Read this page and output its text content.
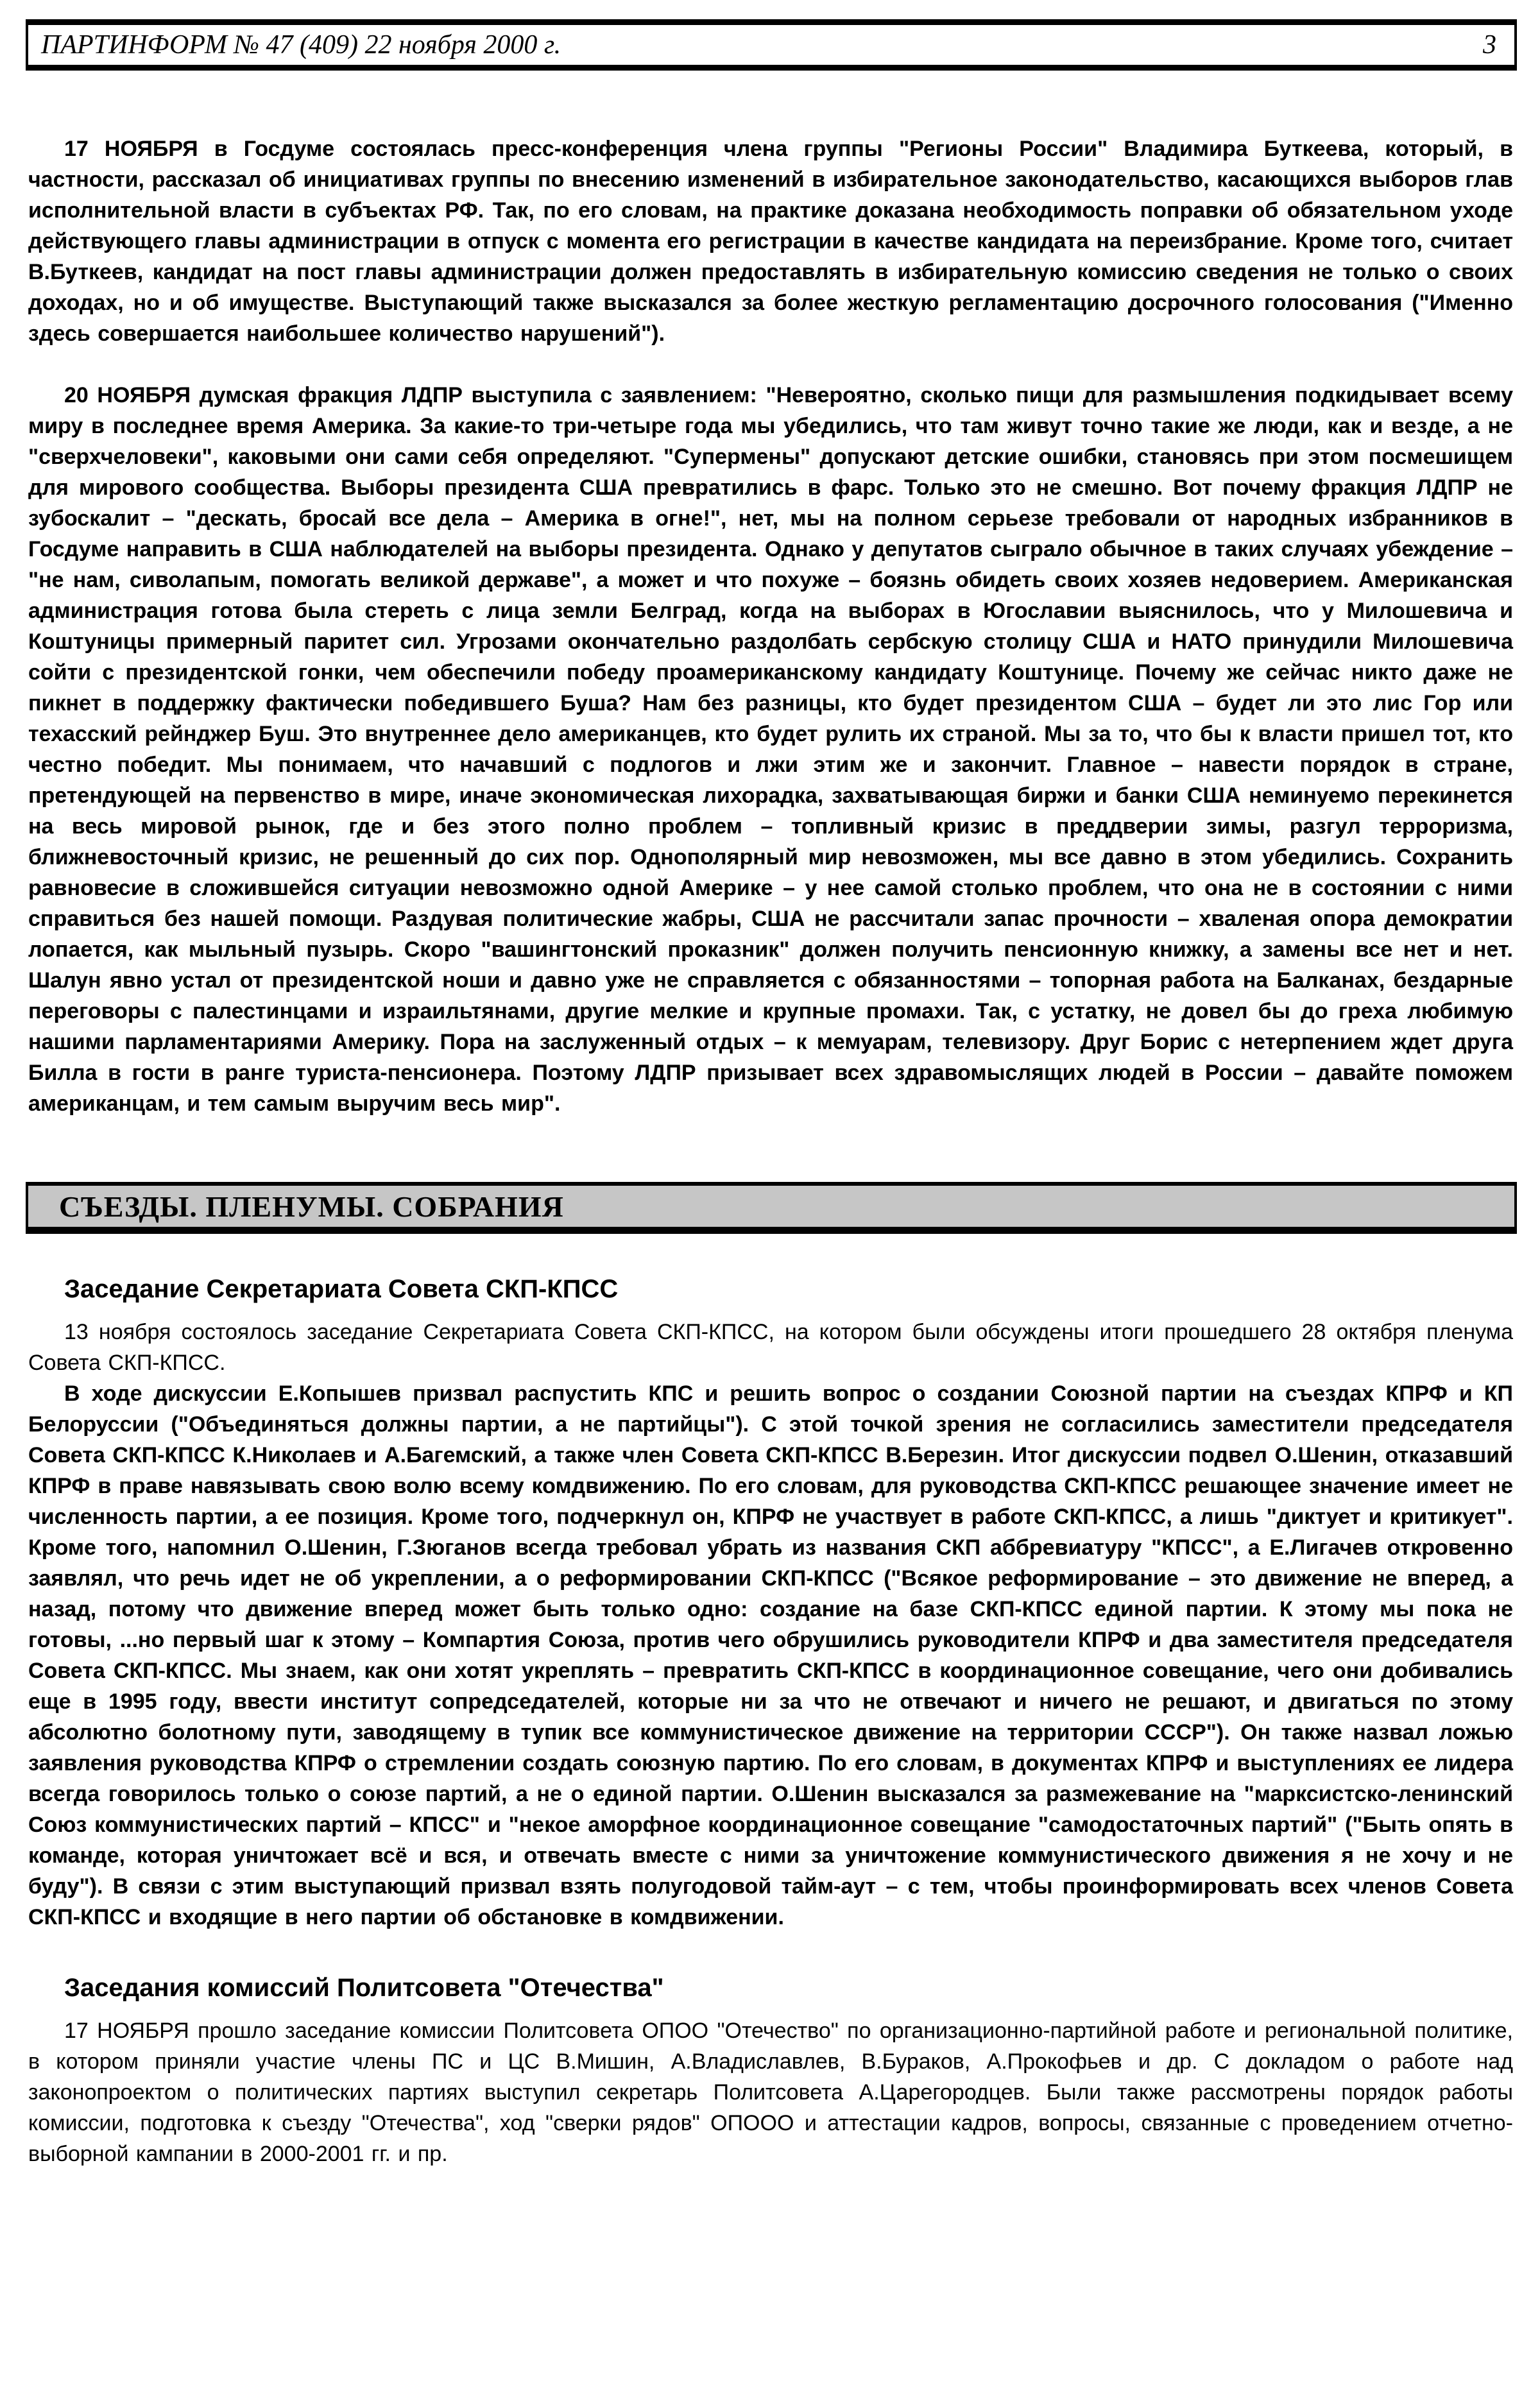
ПАРТИНФОРМ № 47 (409) 22 ноября 2000 г.	3

17 НОЯБРЯ в Госдуме состоялась пресс-конференция члена группы "Регионы России" Владимира Буткеева, который, в частности, рассказал об инициативах группы по внесению изменений в избирательное законодательство, касающихся выборов глав исполнительной власти в субъектах РФ. Так, по его словам, на практике доказана необходимость поправки об обязательном уходе действующего главы администрации в отпуск с момента его регистрации в качестве кандидата на переизбрание. Кроме того, считает В.Буткеев, кандидат на пост главы администрации должен предоставлять в избирательную комиссию сведения не только о своих доходах, но и об имуществе. Выступающий также высказался за более жесткую регламентацию досрочного голосования ("Именно здесь совершается наибольшее количество нарушений").

20 НОЯБРЯ думская фракция ЛДПР выступила с заявлением: "Невероятно, сколько пищи для размышления подкидывает всему миру в последнее время Америка. За какие-то три-четыре года мы убедились, что там живут точно такие же люди, как и везде, а не "сверхчеловеки", каковыми они сами себя определяют. "Супермены" допускают детские ошибки, становясь при этом посмешищем для мирового сообщества. Выборы президента США превратились в фарс. Только это не смешно. Вот почему фракция ЛДПР не зубоскалит – "дескать, бросай все дела – Америка в огне!", нет, мы на полном серьезе требовали от народных избранников в Госдуме направить в США наблюдателей на выборы президента. Однако у депутатов сыграло обычное в таких случаях убеждение – "не нам, сиволапым, помогать великой державе", а может и что похуже – боязнь обидеть своих хозяев недоверием. Американская администрация готова была стереть с лица земли Белград, когда на выборах в Югославии выяснилось, что у Милошевича и Коштуницы примерный паритет сил. Угрозами окончательно раздолбать сербскую столицу США и НАТО принудили Милошевича сойти с президентской гонки, чем обеспечили победу проамериканскому кандидату Коштунице. Почему же сейчас никто даже не пикнет в поддержку фактически победившего Буша? Нам без разницы, кто будет президентом США – будет ли это лис Гор или техасский рейнджер Буш. Это внутреннее дело американцев, кто будет рулить их страной. Мы за то, что бы к власти пришел тот, кто честно победит. Мы понимаем, что начавший с подлогов и лжи этим же и закончит. Главное – навести порядок в стране, претендующей на первенство в мире, иначе экономическая лихорадка, захватывающая биржи и банки США неминуемо перекинется на весь мировой рынок, где и без этого полно проблем – топливный кризис в преддверии зимы, разгул терроризма, ближневосточный кризис, не решенный до сих пор. Однополярный мир невозможен, мы все давно в этом убедились. Сохранить равновесие в сложившейся ситуации невозможно одной Америке – у нее самой столько проблем, что она не в состоянии с ними справиться без нашей помощи. Раздувая политические жабры, США не рассчитали запас прочности – хваленая опора демократии лопается, как мыльный пузырь. Скоро "вашингтонский проказник" должен получить пенсионную книжку, а замены все нет и нет. Шалун явно устал от президентской ноши и давно уже не справляется с обязанностями – топорная работа на Балканах, бездарные переговоры с палестинцами и израильтянами, другие мелкие и крупные промахи. Так, с устатку, не довел бы до греха любимую нашими парламентариями Америку. Пора на заслуженный отдых – к мемуарам, телевизору. Друг Борис с нетерпением ждет друга Билла в гости в ранге туриста-пенсионера. Поэтому ЛДПР призывает всех здравомыслящих людей в России – давайте поможем американцам, и тем самым выручим весь мир".

СЪЕЗДЫ. ПЛЕНУМЫ. СОБРАНИЯ
Заседание Секретариата Совета СКП-КПСС

13 ноября состоялось заседание Секретариата Совета СКП-КПСС, на котором были обсуждены итоги прошедшего 28 октября пленума Совета СКП-КПСС.

В ходе дискуссии Е.Копышев призвал распустить КПС и решить вопрос о создании Союзной партии на съездах КПРФ и КП Белоруссии ("Объединяться должны партии, а не партийцы"). С этой точкой зрения не согласились заместители председателя Совета СКП-КПСС К.Николаев и А.Багемский, а также член Совета СКП-КПСС В.Березин. Итог дискуссии подвел О.Шенин, отказавший КПРФ в праве навязывать свою волю всему комдвижению. По его словам, для руководства СКП-КПСС решающее значение имеет не численность партии, а ее позиция. Кроме того, подчеркнул он, КПРФ не участвует в работе СКП-КПСС, а лишь "диктует и критикует". Кроме того, напомнил О.Шенин, Г.Зюганов всегда требовал убрать из названия СКП аббревиатуру "КПСС", а Е.Лигачев откровенно заявлял, что речь идет не об укреплении, а о реформировании СКП-КПСС ("Всякое реформирование – это движение не вперед, а назад, потому что движение вперед может быть только одно: создание на базе СКП-КПСС единой партии. К этому мы пока не готовы, ...но первый шаг к этому – Компартия Союза, против чего обрушились руководители КПРФ и два заместителя председателя Совета СКП-КПСС. Мы знаем, как они хотят укреплять – превратить СКП-КПСС в координационное совещание, чего они добивались еще в 1995 году, ввести институт сопредседателей, которые ни за что не отвечают и ничего не решают, и двигаться по этому абсолютно болотному пути, заводящему в тупик все коммунистическое движение на территории СССР"). Он также назвал ложью заявления руководства КПРФ о стремлении создать союзную партию. По его словам, в документах КПРФ и выступлениях ее лидера всегда говорилось только о союзе партий, а не о единой партии. О.Шенин высказался за размежевание на "марксистско-ленинский Союз коммунистических партий – КПСС" и "некое аморфное координационное совещание "самодостаточных партий" ("Быть опять в команде, которая уничтожает всё и вся, и отвечать вместе с ними за уничтожение коммунистического движения я не хочу и не буду"). В связи с этим выступающий призвал взять полугодовой тайм-аут – с тем, чтобы проинформировать всех членов Совета СКП-КПСС и входящие в него партии об обстановке в комдвижении.

Заседания комиссий Политсовета "Отечества"

17 НОЯБРЯ прошло заседание комиссии Политсовета ОПОО "Отечество" по организационно-партийной работе и региональной политике, в котором приняли участие члены ПС и ЦС В.Мишин, А.Владиславлев, В.Бураков, А.Прокофьев и др. С докладом о работе над законопроектом о политических партиях выступил секретарь Политсовета А.Царегородцев. Были также рассмотрены порядок работы комиссии, подготовка к съезду "Отечества", ход "сверки рядов" ОПООО и аттестации кадров, вопросы, связанные с проведением отчетно-выборной кампании в 2000-2001 гг. и пр.
